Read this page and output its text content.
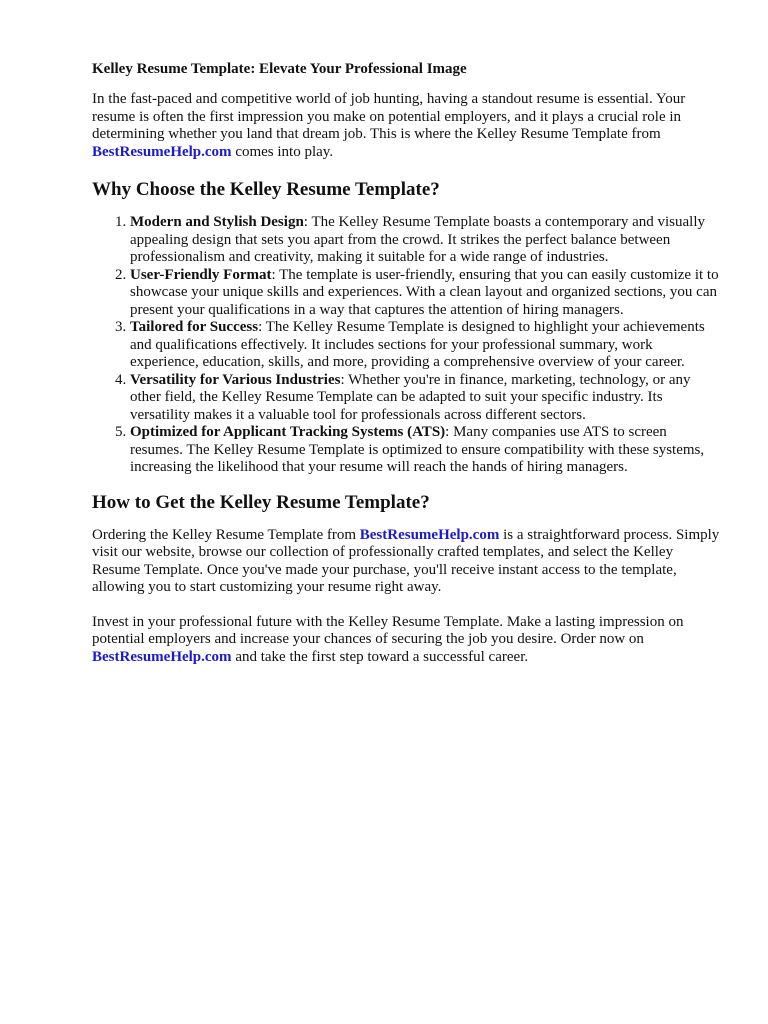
Kelley Resume Template: Elevate Your Professional Image

In the fast-paced and competitive world of job hunting, having a standout resume is essential. Your resume is often the first impression you make on potential employers, and it plays a crucial role in determining whether you land that dream job. This is where the Kelley Resume Template from BestResumeHelp.com comes into play.

Why Choose the Kelley Resume Template?
1. Modern and Stylish Design: The Kelley Resume Template boasts a contemporary and visually appealing design that sets you apart from the crowd. It strikes the perfect balance between professionalism and creativity, making it suitable for a wide range of industries.
2. User-Friendly Format: The template is user-friendly, ensuring that you can easily customize it to showcase your unique skills and experiences. With a clean layout and organized sections, you can present your qualifications in a way that captures the attention of hiring managers.
3. Tailored for Success: The Kelley Resume Template is designed to highlight your achievements and qualifications effectively. It includes sections for your professional summary, work experience, education, skills, and more, providing a comprehensive overview of your career.
4. Versatility for Various Industries: Whether you're in finance, marketing, technology, or any other field, the Kelley Resume Template can be adapted to suit your specific industry. Its versatility makes it a valuable tool for professionals across different sectors.
5. Optimized for Applicant Tracking Systems (ATS): Many companies use ATS to screen resumes. The Kelley Resume Template is optimized to ensure compatibility with these systems, increasing the likelihood that your resume will reach the hands of hiring managers.
How to Get the Kelley Resume Template?

Ordering the Kelley Resume Template from BestResumeHelp.com is a straightforward process. Simply visit our website, browse our collection of professionally crafted templates, and select the Kelley Resume Template. Once you've made your purchase, you'll receive instant access to the template, allowing you to start customizing your resume right away.

Invest in your professional future with the Kelley Resume Template. Make a lasting impression on potential employers and increase your chances of securing the job you desire. Order now on BestResumeHelp.com and take the first step toward a successful career.
